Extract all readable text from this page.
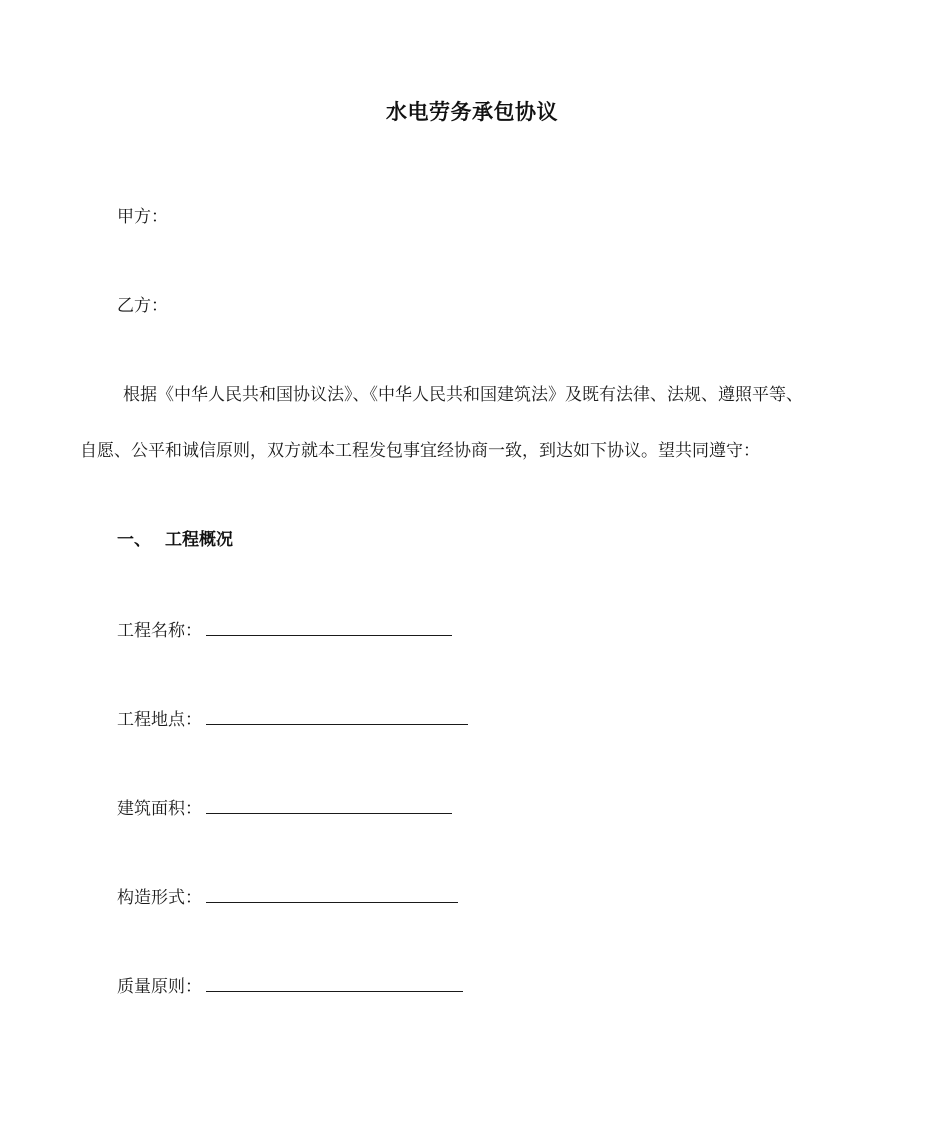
水电劳务承包协议
甲方：
乙方：
根据《中华人民共和国协议法》、《中华人民共和国建筑法》及既有法律、法规、遵照平等、
自愿、公平和诚信原则，双方就本工程发包事宜经协商一致，到达如下协议。望共同遵守：
一、 工程概况
工程名称：
工程地点：
建筑面积：
构造形式：
质量原则：
